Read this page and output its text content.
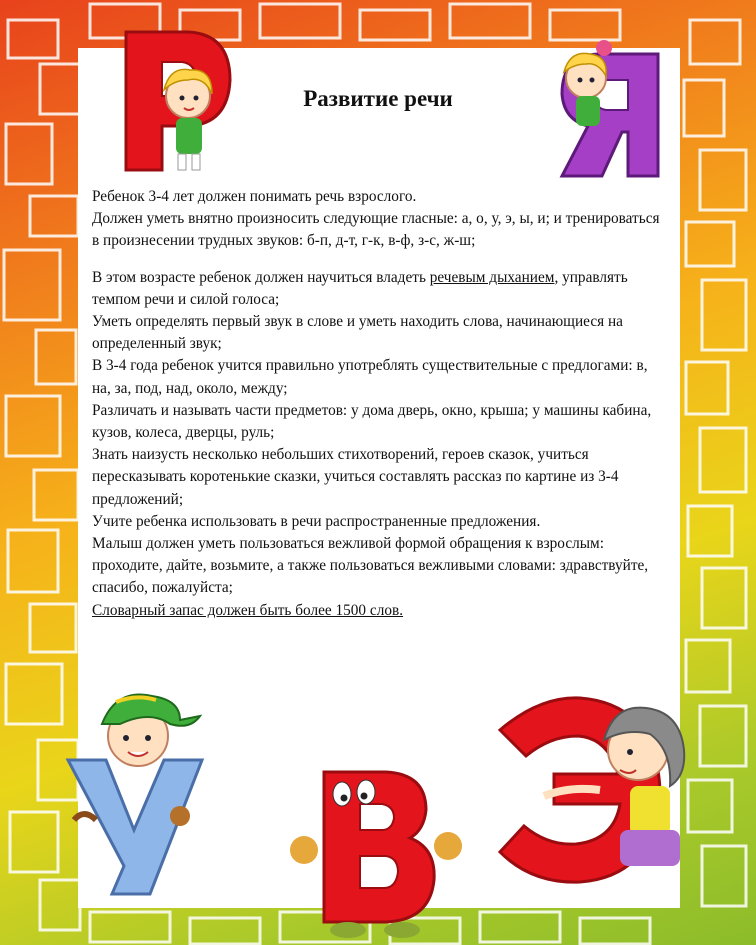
Развитие речи

Ребенок 3-4 лет должен понимать речь взрослого.

Должен уметь внятно произносить следующие гласные: а, о, у, э, ы, и; и тренироваться в произнесении трудных звуков: б-п, д-т, г-к, в-ф, з-с, ж-ш;

В этом возрасте ребенок должен научиться владеть речевым дыханием, управлять темпом речи и силой голоса;

Уметь определять первый звук в слове и уметь находить слова, начинающиеся на определенный звук;

В 3-4 года ребенок учится правильно употреблять существительные с предлогами: в, на, за, под, над, около, между;

Различать и называть части предметов: у дома дверь, окно, крыша; у машины кабина, кузов, колеса, дверцы, руль;

Знать наизусть несколько небольших стихотворений, героев сказок, учиться пересказывать коротенькие сказки, учиться составлять рассказ по картине из 3-4 предложений;

Учите ребенка использовать в речи распространенные предложения.

Малыш должен уметь пользоваться вежливой формой обращения к взрослым: проходите, дайте, возьмите, а также пользоваться вежливыми словами: здравствуйте, спасибо, пожалуйста;

Словарный запас должен быть более 1500 слов.
